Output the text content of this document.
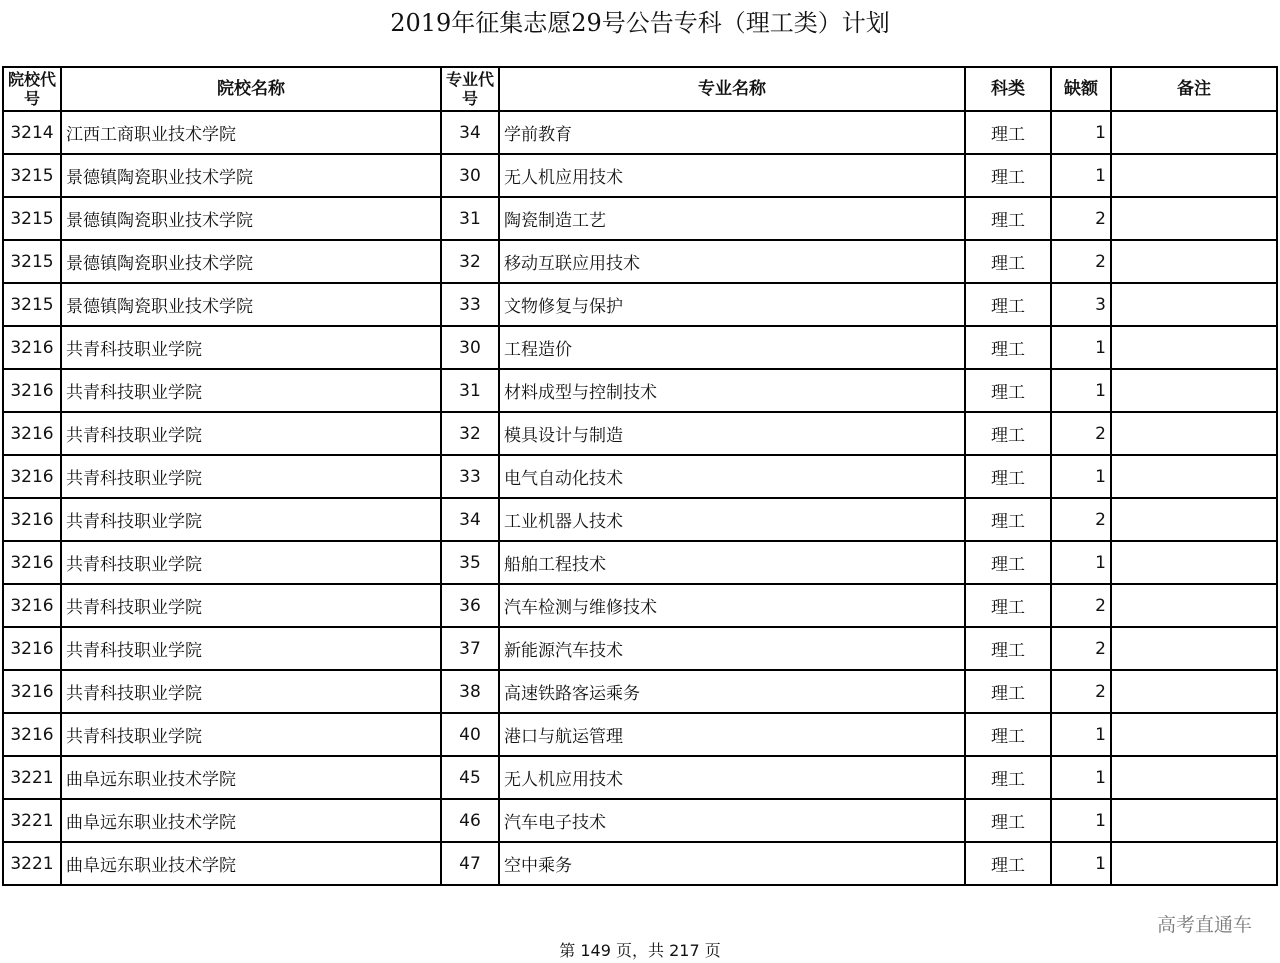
2019年征集志愿29号公告专科（理工类）计划
院校代号	院校名称	专业代号	专业名称	科类	缺额	备注
3214	江西工商职业技术学院	34	学前教育	理工	1	
3215	景德镇陶瓷职业技术学院	30	无人机应用技术	理工	1	
3215	景德镇陶瓷职业技术学院	31	陶瓷制造工艺	理工	2	
3215	景德镇陶瓷职业技术学院	32	移动互联应用技术	理工	2	
3215	景德镇陶瓷职业技术学院	33	文物修复与保护	理工	3	
3216	共青科技职业学院	30	工程造价	理工	1	
3216	共青科技职业学院	31	材料成型与控制技术	理工	1	
3216	共青科技职业学院	32	模具设计与制造	理工	2	
3216	共青科技职业学院	33	电气自动化技术	理工	1	
3216	共青科技职业学院	34	工业机器人技术	理工	2	
3216	共青科技职业学院	35	船舶工程技术	理工	1	
3216	共青科技职业学院	36	汽车检测与维修技术	理工	2	
3216	共青科技职业学院	37	新能源汽车技术	理工	2	
3216	共青科技职业学院	38	高速铁路客运乘务	理工	2	
3216	共青科技职业学院	40	港口与航运管理	理工	1	
3221	曲阜远东职业技术学院	45	无人机应用技术	理工	1	
3221	曲阜远东职业技术学院	46	汽车电子技术	理工	1	
3221	曲阜远东职业技术学院	47	空中乘务	理工	1	
高考直通车
第 149 页，共 217 页
